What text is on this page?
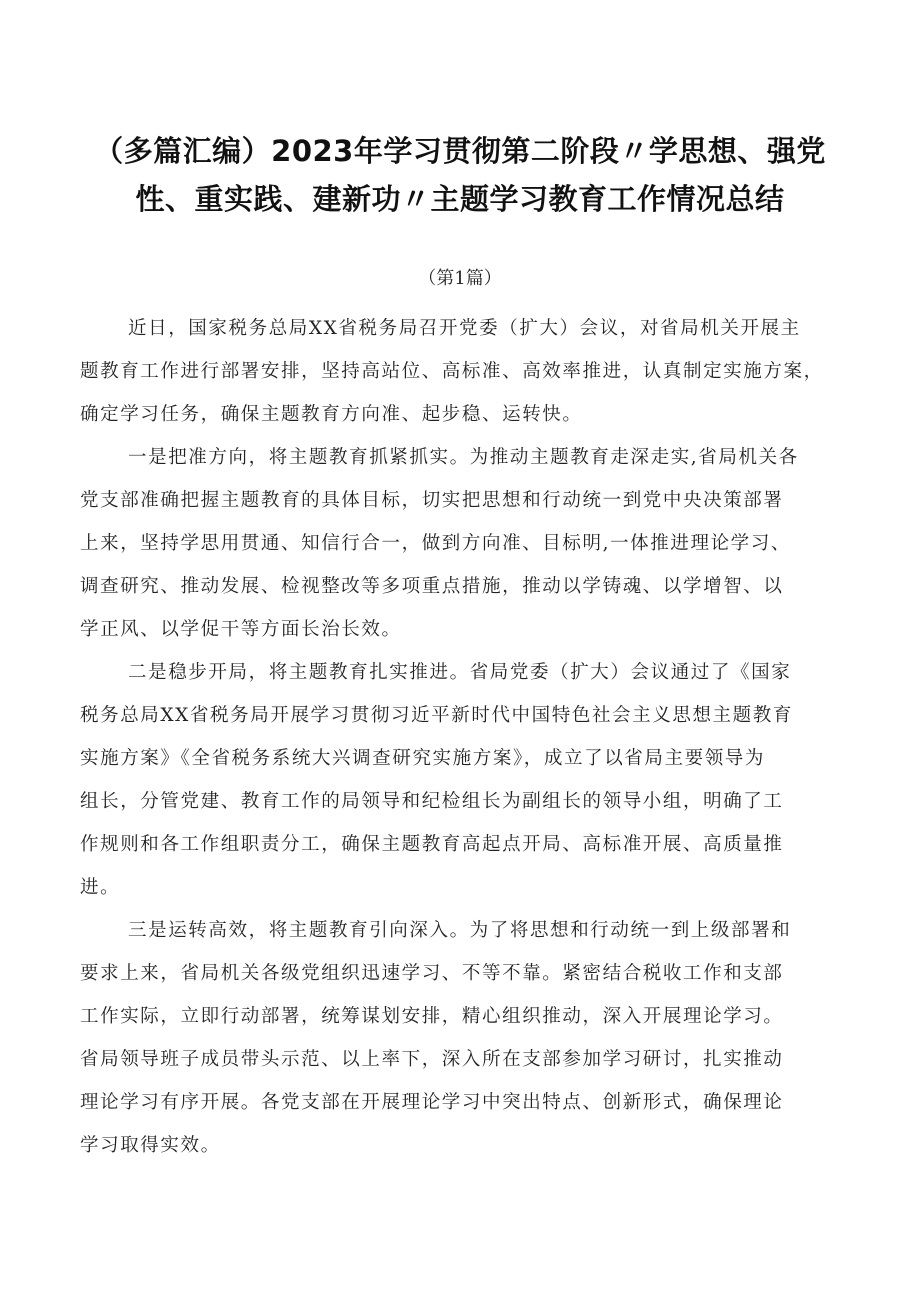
（多篇汇编）2023年学习贯彻第二阶段〃学思想、强党
性、重实践、建新功〃主题学习教育工作情况总结
（第1篇）

近日，国家税务总局XX省税务局召开党委（扩大）会议，对省局机关开展主
题教育工作进行部署安排，坚持高站位、高标准、高效率推进，认真制定实施方案，
确定学习任务，确保主题教育方向准、起步稳、运转快。

一是把准方向，将主题教育抓紧抓实。为推动主题教育走深走实,省局机关各
党支部准确把握主题教育的具体目标，切实把思想和行动统一到党中央决策部署
上来，坚持学思用贯通、知信行合一，做到方向准、目标明,一体推进理论学习、
调查研究、推动发展、检视整改等多项重点措施，推动以学铸魂、以学增智、以
学正风、以学促干等方面长治长效。

二是稳步开局，将主题教育扎实推进。省局党委（扩大）会议通过了《国家
税务总局XX省税务局开展学习贯彻习近平新时代中国特色社会主义思想主题教育
实施方案》《全省税务系统大兴调查研究实施方案》，成立了以省局主要领导为
组长，分管党建、教育工作的局领导和纪检组长为副组长的领导小组，明确了工
作规则和各工作组职责分工，确保主题教育高起点开局、高标准开展、高质量推
进。

三是运转高效，将主题教育引向深入。为了将思想和行动统一到上级部署和
要求上来，省局机关各级党组织迅速学习、不等不靠。紧密结合税收工作和支部
工作实际，立即行动部署，统筹谋划安排，精心组织推动，深入开展理论学习。
省局领导班子成员带头示范、以上率下，深入所在支部参加学习研讨，扎实推动
理论学习有序开展。各党支部在开展理论学习中突出特点、创新形式，确保理论
学习取得实效。
